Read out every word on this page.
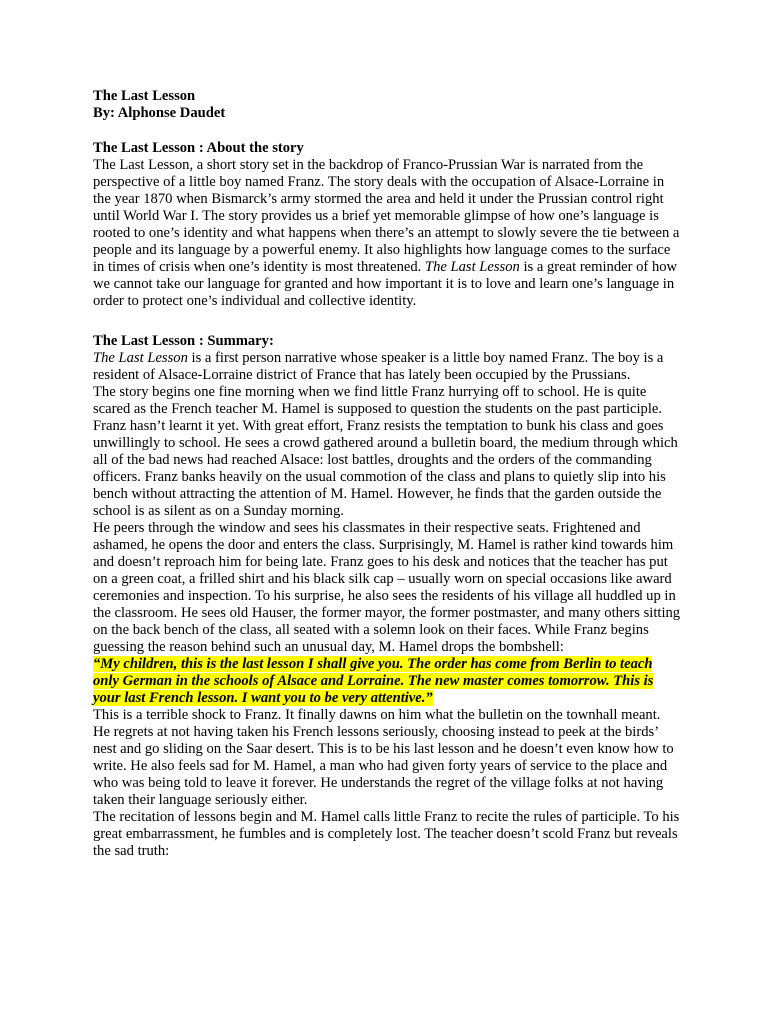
The Last Lesson

By: Alphonse Daudet

The Last Lesson : About the story

The Last Lesson, a short story set in the backdrop of Franco-Prussian War is narrated from the perspective of a little boy named Franz. The story deals with the occupation of Alsace-Lorraine in the year 1870 when Bismarck’s army stormed the area and held it under the Prussian control right until World War I. The story provides us a brief yet memorable glimpse of how one’s language is rooted to one’s identity and what happens when there’s an attempt to slowly severe the tie between a people and its language by a powerful enemy. It also highlights how language comes to the surface in times of crisis when one’s identity is most threatened. The Last Lesson is a great reminder of how we cannot take our language for granted and how important it is to love and learn one’s language in order to protect one’s individual and collective identity.

The Last Lesson : Summary:

The Last Lesson is a first person narrative whose speaker is a little boy named Franz. The boy is a resident of Alsace-Lorraine district of France that has lately been occupied by the Prussians.

The story begins one fine morning when we find little Franz hurrying off to school. He is quite scared as the French teacher M. Hamel is supposed to question the students on the past participle. Franz hasn’t learnt it yet. With great effort, Franz resists the temptation to bunk his class and goes unwillingly to school. He sees a crowd gathered around a bulletin board, the medium through which all of the bad news had reached Alsace: lost battles, droughts and the orders of the commanding officers. Franz banks heavily on the usual commotion of the class and plans to quietly slip into his bench without attracting the attention of M. Hamel. However, he finds that the garden outside the school is as silent as on a Sunday morning.

He peers through the window and sees his classmates in their respective seats. Frightened and ashamed, he opens the door and enters the class. Surprisingly, M. Hamel is rather kind towards him and doesn’t reproach him for being late. Franz goes to his desk and notices that the teacher has put on a green coat, a frilled shirt and his black silk cap – usually worn on special occasions like award ceremonies and inspection. To his surprise, he also sees the residents of his village all huddled up in the classroom. He sees old Hauser, the former mayor, the former postmaster, and many others sitting on the back bench of the class, all seated with a solemn look on their faces. While Franz begins guessing the reason behind such an unusual day, M. Hamel drops the bombshell:

“My children, this is the last lesson I shall give you. The order has come from Berlin to teach only German in the schools of Alsace and Lorraine. The new master comes tomorrow. This is your last French lesson. I want you to be very attentive.”

This is a terrible shock to Franz. It finally dawns on him what the bulletin on the townhall meant. He regrets at not having taken his French lessons seriously, choosing instead to peek at the birds’ nest and go sliding on the Saar desert. This is to be his last lesson and he doesn’t even know how to write. He also feels sad for M. Hamel, a man who had given forty years of service to the place and who was being told to leave it forever. He understands the regret of the village folks at not having taken their language seriously either.

The recitation of lessons begin and M. Hamel calls little Franz to recite the rules of participle. To his great embarrassment, he fumbles and is completely lost. The teacher doesn’t scold Franz but reveals the sad truth:
